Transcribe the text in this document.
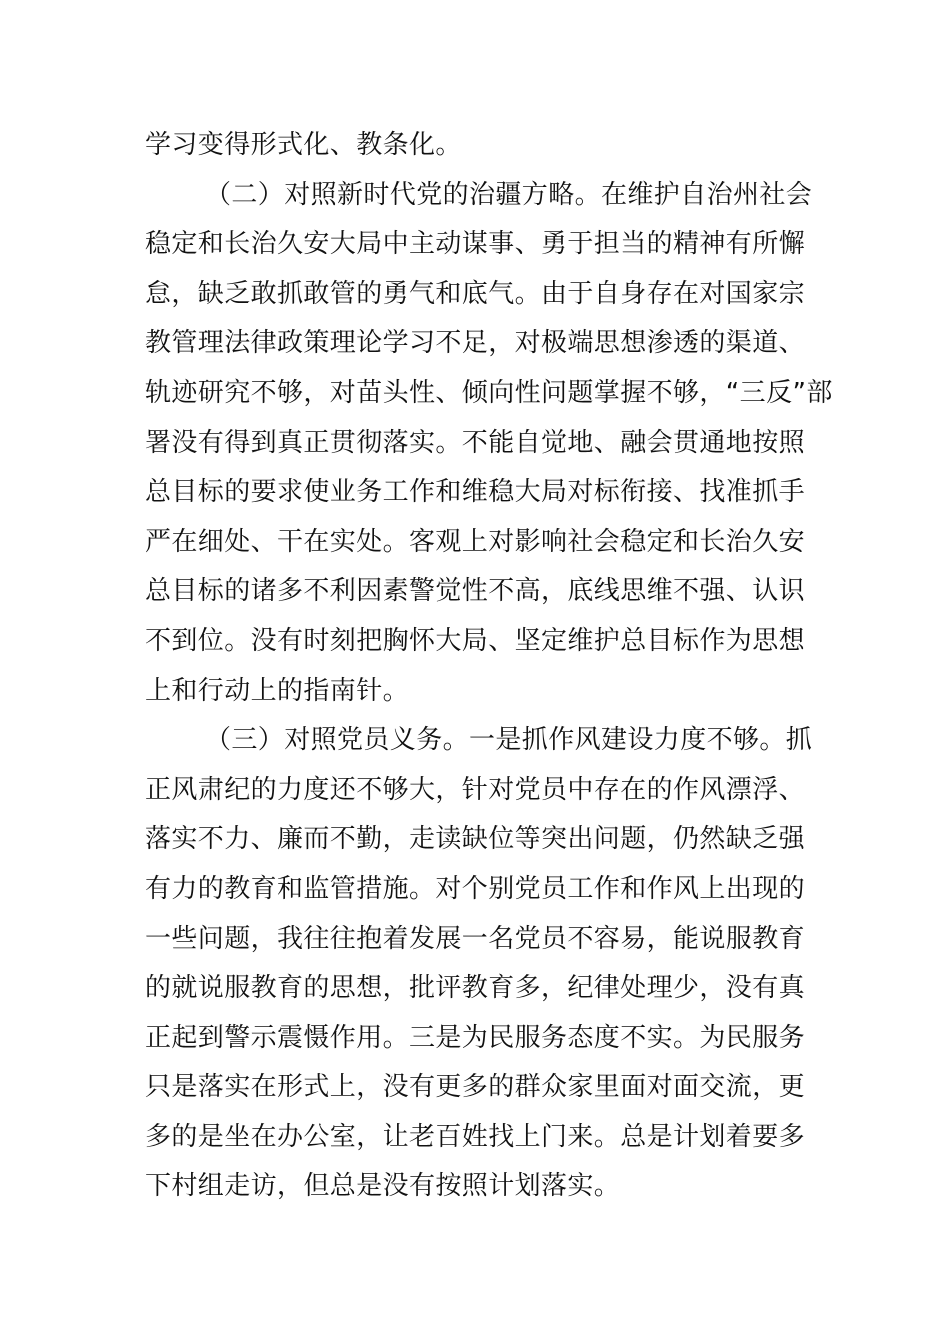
学习变得形式化、教条化。
（二）对照新时代党的治疆方略。在维护自治州社会
稳定和长治久安大局中主动谋事、勇于担当的精神有所懈
怠，缺乏敢抓敢管的勇气和底气。由于自身存在对国家宗
教管理法律政策理论学习不足，对极端思想渗透的渠道、
轨迹研究不够，对苗头性、倾向性问题掌握不够，“三反”部
署没有得到真正贯彻落实。不能自觉地、融会贯通地按照
总目标的要求使业务工作和维稳大局对标衔接、找准抓手
严在细处、干在实处。客观上对影响社会稳定和长治久安
总目标的诸多不利因素警觉性不高，底线思维不强、认识
不到位。没有时刻把胸怀大局、坚定维护总目标作为思想
上和行动上的指南针。
（三）对照党员义务。一是抓作风建设力度不够。抓
正风肃纪的力度还不够大，针对党员中存在的作风漂浮、
落实不力、廉而不勤，走读缺位等突出问题，仍然缺乏强
有力的教育和监管措施。对个别党员工作和作风上出现的
一些问题，我往往抱着发展一名党员不容易，能说服教育
的就说服教育的思想，批评教育多，纪律处理少，没有真
正起到警示震慑作用。三是为民服务态度不实。为民服务
只是落实在形式上，没有更多的群众家里面对面交流，更
多的是坐在办公室，让老百姓找上门来。总是计划着要多
下村组走访，但总是没有按照计划落实。
